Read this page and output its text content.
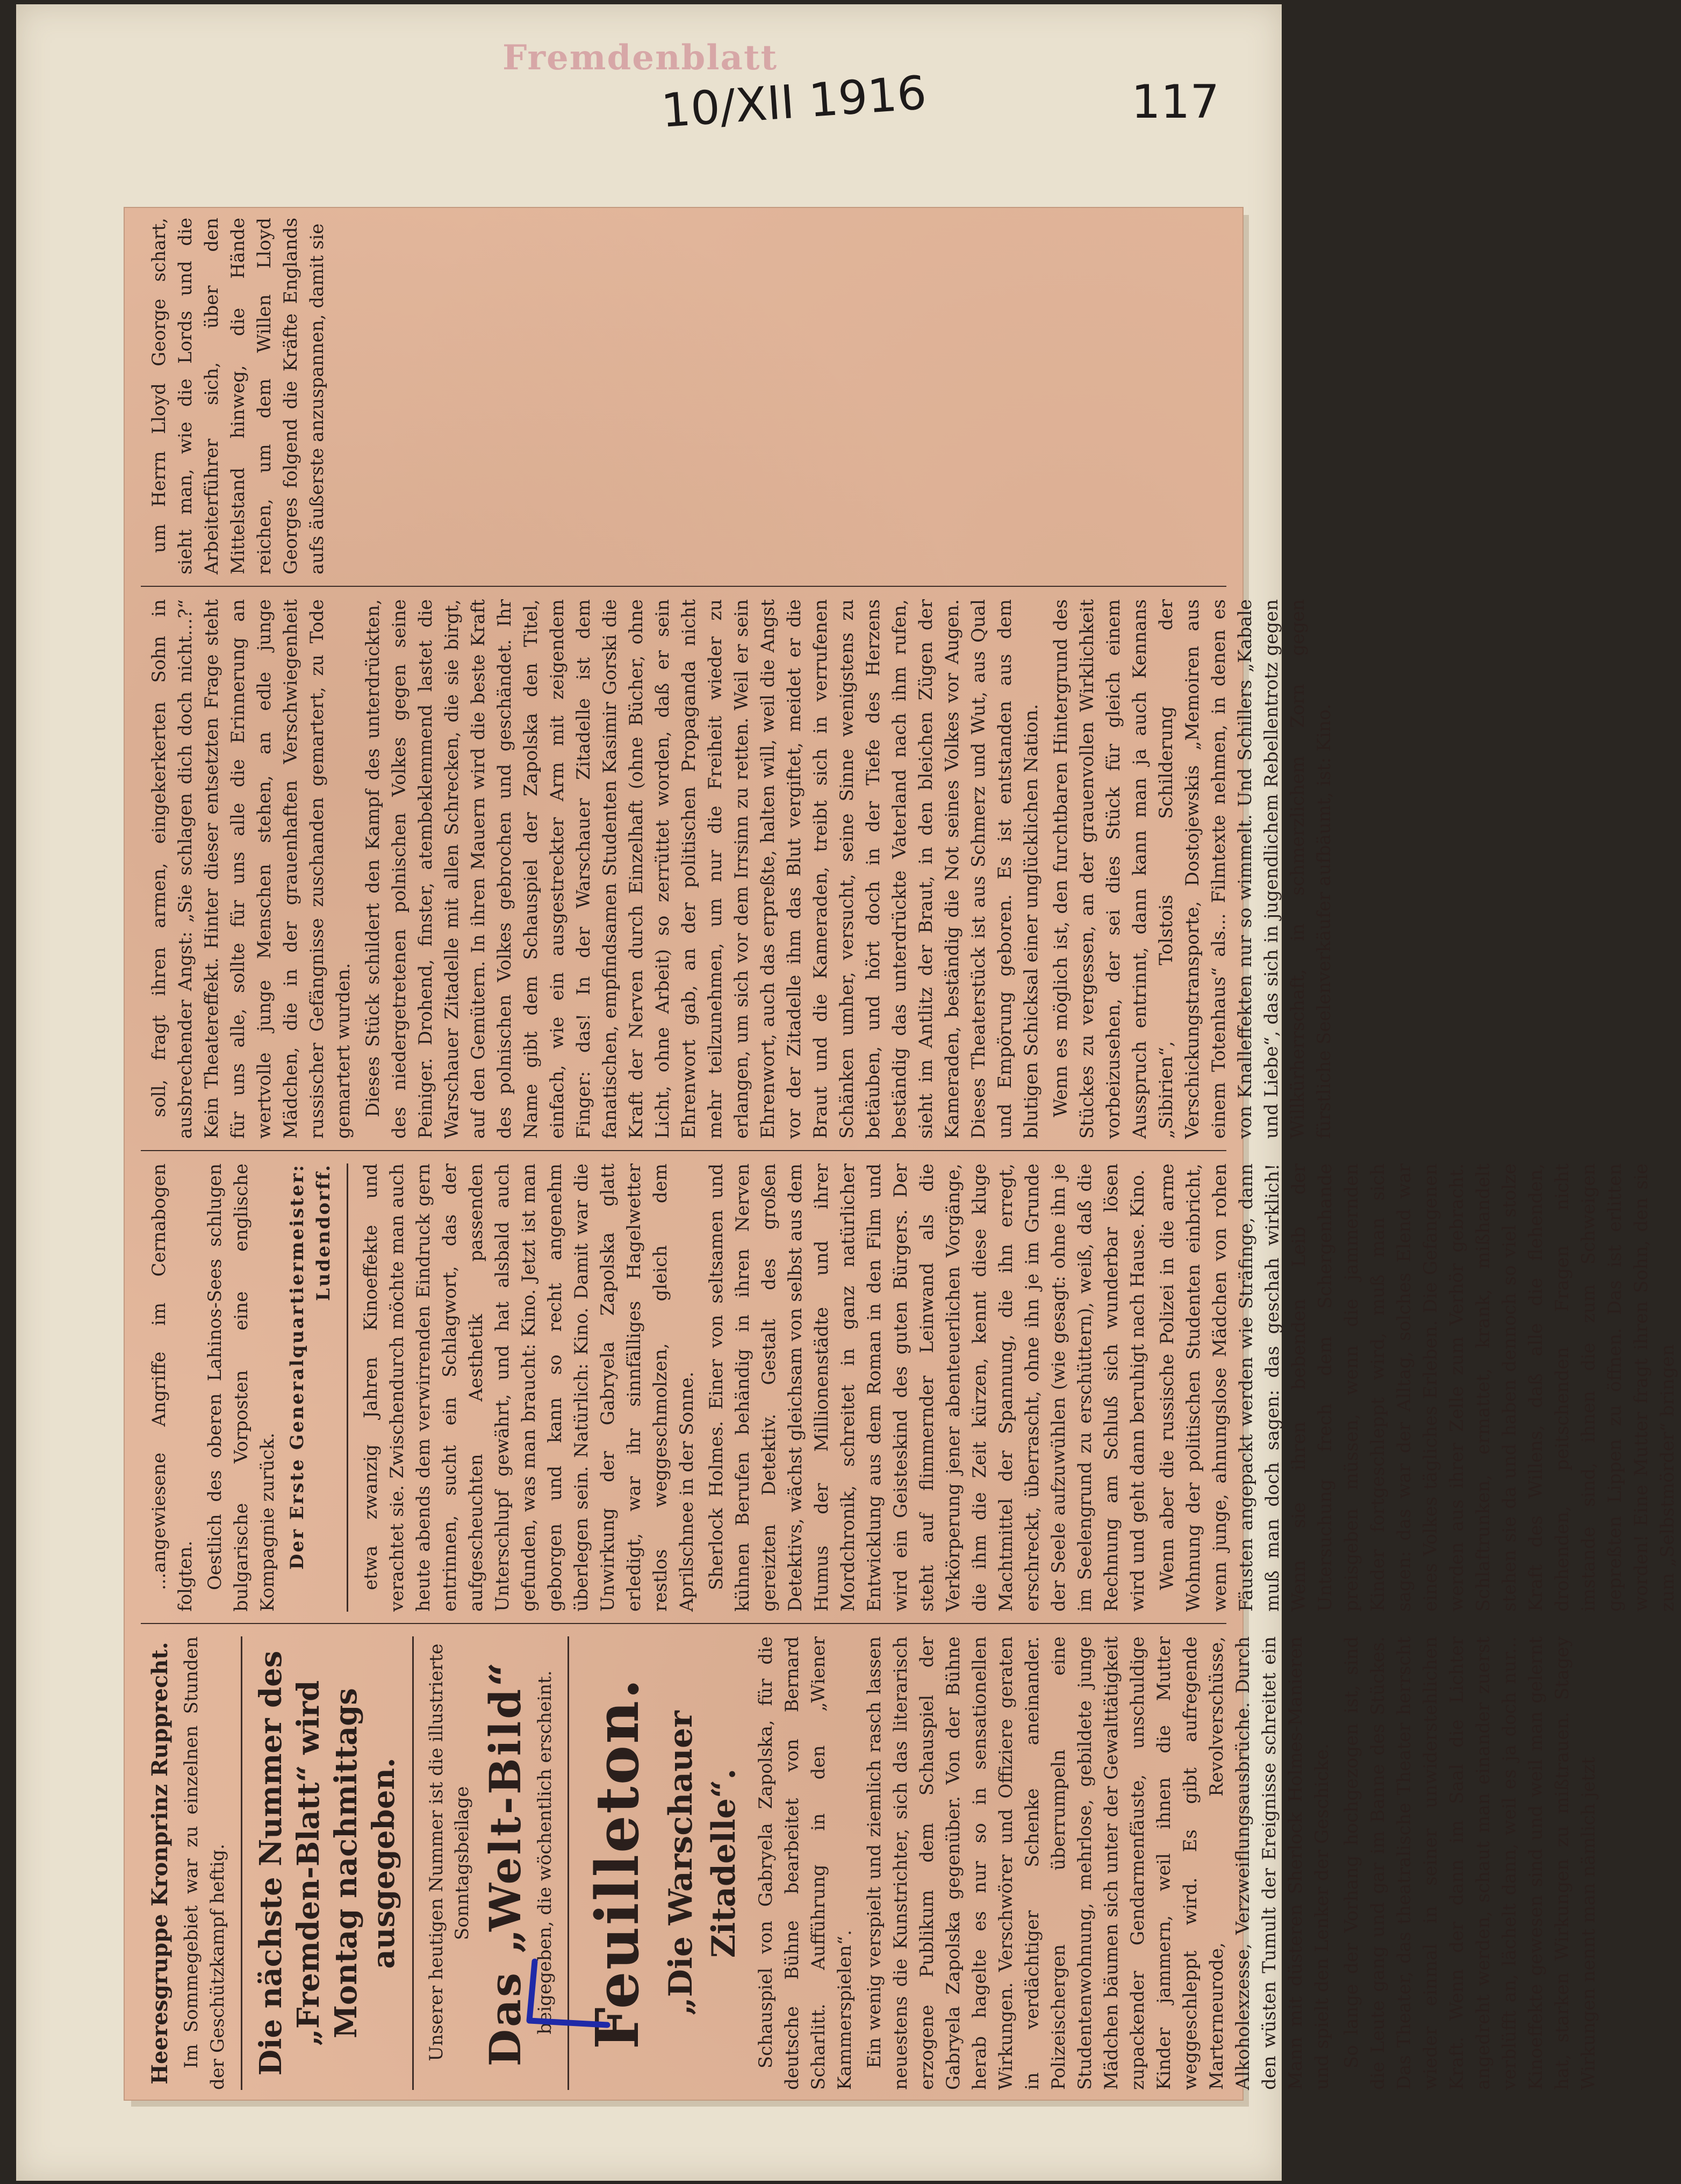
Fremdenblatt
10/XII 1916	117
Heeresgruppe Kronprinz Rupprecht. Im Sommegebiet war zu einzelnen Stunden der Geschützkampf heftig. Die nächste Nummer des „Fremden-Blatt“ wird Montag nachmittags ausgegeben. Unserer heutigen Nummer ist die illustrierte Sonntagsbeilage Das „Welt-Bild“ beigegeben, die wöchentlich erscheint. Feuilleton. „Die Warschauer Zitadelle“. Schauspiel von Gabryela Zapolska, für die deutsche Bühne bearbeitet von Bernard Scharlitt. Aufführung in den „Wiener Kammerspielen“. Ein wenig verspielt und ziemlich rasch lassen neuestens die Kunstrichter, sich das literarisch erzogene Publikum dem Schauspiel der Gabryela Zapolska gegenüber. Von der Bühne herab hagelte es nur so in sensationellen Wirkungen. Verschwörer und Offiziere geraten in verdächtiger Schenke aneinander. Polizeischergen überrumpeln eine Studentenwohnung, mehrlose, gebildete junge Mädchen bäumen sich unter der Gewalttätigkeit zupackender Gendarmenfäuste, unschuldige Kinder jammern, weil ihnen die Mutter weggeschleppt wird. Es gibt aufregende Marterneurode, Revolverschüsse, Alkoholexzesse, Verzweiflungsausbrüche. Durch den wüsten Tumult der Ereignisse schreitet ein Mann mit düsteren Sherlock Holmes-Manieren und spielt den Lenker der Geschicke. So lange der Vorhang hochgezogen ist, sind die Leute gang und gar im Banne des Stückes. Das Theater, das theatralische Theater herrscht wieder einmal in seiner unwiderstehlichen Kraft. Wenn der dann im Saal die Lichter angedreht werden, schaut man einander zuerst verblüfft an, lächelt dann, weil es ja doch nur... Kinoeffekte gewesen sind und weil man gelernt hat, starken Wirkungen zu mißtrauen. Stagey Wirkungen nennt man nämlich jetzt

...angewiesene Angriffe im Cernabogen folgten. Oestlich des oberen Lahinos-Sees schlugen bulgarische Vorposten eine englische Kompagnie zurück. Der Erste Generalquartiermeister: Ludendorff. etwa zwanzig Jahren Kinoeffekte und verachtet sie. Zwischendurch möchte man auch heute abends dem verwirrenden Eindruck gern entrinnen, sucht ein Schlagwort, das der aufgescheuchten Aesthetik passenden Unterschlupf gewährt, und hat alsbald auch gefunden, was man braucht: Kino. Jetzt ist man geborgen und kann so recht angenehm überlegen sein. Natürlich: Kino. Damit war die Unwirkung der Gabryela Zapolska glatt erledigt, war ihr sinnfälliges Hagelwetter restlos weggeschmolzen, gleich dem Aprilschnee in der Sonne. Sherlock Holmes. Einer von seltsamen und kühnen Berufen behändig in ihren Nerven gereizten Detektiv. Gestalt des großen Detektivs, wächst gleichsam von selbst aus dem Humus der Millionenstädte und ihrer Mordchronik, schreitet in ganz natürlicher Entwicklung aus dem Roman in den Film und wird ein Geisteskind des guten Bürgers. Der steht auf flimmernder Leinwand als die Verkörperung jener abenteuerlichen Vorgänge, die ihm die Zeit kürzen, kennt diese kluge Machtmittel der Spannung, die ihn erregt, erschreckt, überrascht, ohne ihn je im Grunde der Seele aufzuwühlen (wie gesagt: ohne ihn je im Seelengrund zu erschüttern), weiß, daß die Rechnung am Schluß sich wunderbar lösen wird und geht dann beruhigt nach Hause. Kino. Wenn aber die russische Polizei in die arme Wohnung der politischen Studenten einbricht, wenn junge, ahnungslose Mädchen von rohen Fäusten angepackt werden wie Sträfinge, dann muß man doch sagen: das geschah wirklich! Wenn sie ihren bebenden Leib der Untersuchung frech dem Schergenhande preisgeben müssen, wenn die jammernden Kinder fortgeschleppt wird, muß man sich sagen: das war der Alltag, solches Elend war eines Volkes tägliches Erleben. Die Gefangenen werden aus ihrer Zelle zum Verhör gebracht. Schlaftrunken, ermattet, krank, mißhandelt stehen sie da und haben dennoch so viel stolze Kraft des Willens, daß alle die flehenden, drohenden, peitschenden Fragen nicht imstande sind, ihnen die zum Schweigen gepreßten Lippen zu öffnen. Das ist erlitten worden! Eine Mutter fragt ihren Sohn, den sie zum „Selbstmörder“ bringen

soll, fragt ihren armen, eingekerkerten Sohn in ausbrechender Angst: „Sie schlagen dich doch nicht...?“ Kein Theatereffekt. Hinter dieser entsetzten Frage steht für uns alle, sollte für uns alle die Erinnerung an wertvolle junge Menschen stehen, an edle junge Mädchen, die in der grauenhaften Verschwiegenheit russischer Gefängnisse zuschanden gemartert, zu Tode gemartert wurden. Dieses Stück schildert den Kampf des unterdrückten, des niedergetretenen polnischen Volkes gegen seine Peiniger. Drohend, finster, atembeklemmend lastet die Warschauer Zitadelle mit allen Schrecken, die sie birgt, auf den Gemütern. In ihren Mauern wird die beste Kraft des polnischen Volkes gebrochen und geschändet. Ihr Name gibt dem Schauspiel der Zapolska den Titel, einfach, wie ein ausgestreckter Arm mit zeigendem Finger: das! In der Warschauer Zitadelle ist dem fanatischen, empfindsamen Studenten Kasimir Gorski die Kraft der Nerven durch Einzelhaft (ohne Bücher, ohne Licht, ohne Arbeit) so zerrüttet worden, daß er sein Ehrenwort gab, an der politischen Propaganda nicht mehr teilzunehmen, um nur die Freiheit wieder zu erlangen, um sich vor dem Irrsinn zu retten. Weil er sein Ehrenwort, auch das erpreßte, halten will, weil die Angst vor der Zitadelle ihm das Blut vergiftet, meidet er die Braut und die Kameraden, treibt sich in verrufenen Schänken umher, versucht, seine Sinne wenigstens zu betäuben, und hört doch in der Tiefe des Herzens beständig das unterdrückte Vaterland nach ihm rufen, sieht im Antlitz der Braut, in den bleichen Zügen der Kameraden, beständig die Not seines Volkes vor Augen. Dieses Theaterstück ist aus Schmerz und Wut, aus Qual und Empörung geboren. Es ist entstanden aus dem blutigen Schicksal einer unglücklichen Nation. Wenn es möglich ist, den furchtbaren Hintergrund des Stückes zu vergessen, an der grauenvollen Wirklichkeit vorbeizusehen, der sei dies Stück für gleich einem Ausspruch entrinnt, dann kann man ja auch Kennans „Sibirien“, Tolstois Schilderung der Verschickungstransporte, Dostojewskis „Memoiren aus einem Totenhaus“ als... Filmtexte nehmen, in denen es von Knalleffekten nur so wimmelt. Und Schillers „Kabale und Liebe“, das sich in jugendlichem Rebellentrotz gegen Willkürherrschaft, in schmerzlichem Zorn gegen fürstliche Seelenverkäufer aufbäumt, ist: Kino.

um Herrn Lloyd George schart, sieht man, wie die Lords und die Arbeiterführer sich, über den Mittelstand hinweg, die Hände reichen, um dem Willen Lloyd Georges folgend die Kräfte Englands aufs äußerste anzuspannen, damit sie
